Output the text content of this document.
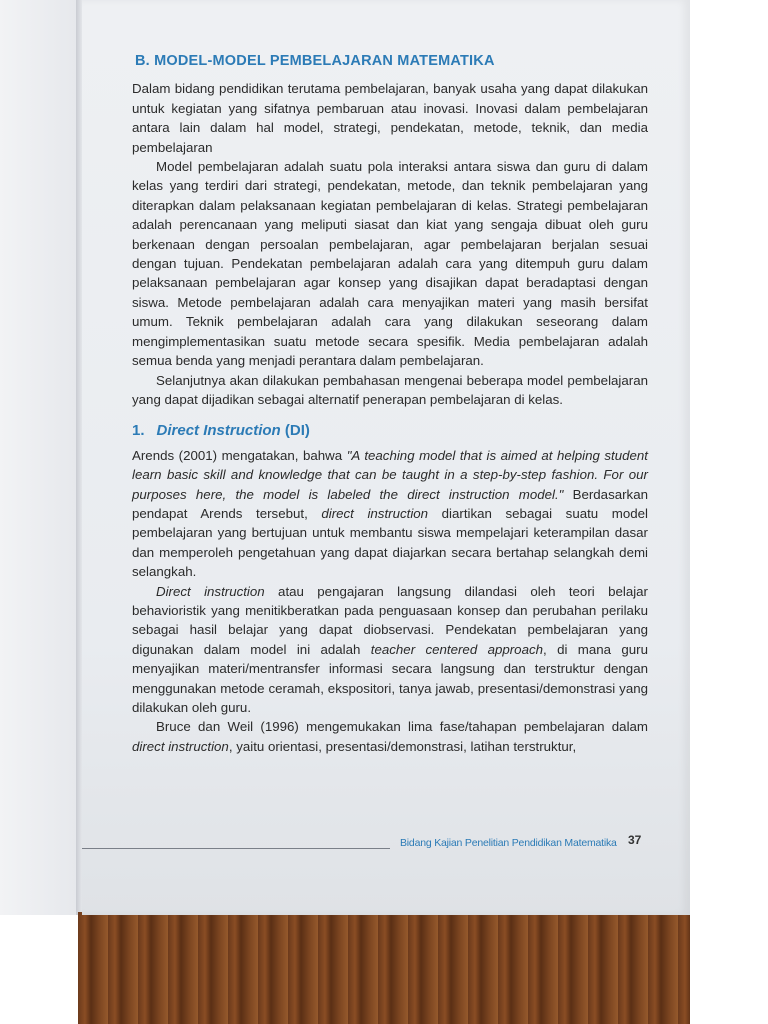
B. MODEL-MODEL PEMBELAJARAN MATEMATIKA

Dalam bidang pendidikan terutama pembelajaran, banyak usaha yang dapat dilakukan untuk kegiatan yang sifatnya pembaruan atau inovasi. Inovasi dalam pembelajaran antara lain dalam hal model, strategi, pendekatan, metode, teknik, dan media pembelajaran

Model pembelajaran adalah suatu pola interaksi antara siswa dan guru di dalam kelas yang terdiri dari strategi, pendekatan, metode, dan teknik pembelajaran yang diterapkan dalam pelaksanaan kegiatan pembelajaran di kelas. Strategi pembelajaran adalah perencanaan yang meliputi siasat dan kiat yang sengaja dibuat oleh guru berkenaan dengan persoalan pembelajaran, agar pembelajaran berjalan sesuai dengan tujuan. Pendekatan pembelajaran adalah cara yang ditempuh guru dalam pelaksanaan pembelajaran agar konsep yang disajikan dapat beradaptasi dengan siswa. Metode pembelajaran adalah cara menyajikan materi yang masih bersifat umum. Teknik pembelajaran adalah cara yang dilakukan seseorang dalam mengimplementasikan suatu metode secara spesifik. Media pembelajaran adalah semua benda yang menjadi perantara dalam pembelajaran.

Selanjutnya akan dilakukan pembahasan mengenai beberapa model pembelajaran yang dapat dijadikan sebagai alternatif penerapan pembelajaran di kelas.

1. Direct Instruction (DI)

Arends (2001) mengatakan, bahwa "A teaching model that is aimed at helping student learn basic skill and knowledge that can be taught in a step-by-step fashion. For our purposes here, the model is labeled the direct instruction model." Berdasarkan pendapat Arends tersebut, direct instruction diartikan sebagai suatu model pembelajaran yang bertujuan untuk membantu siswa mempelajari keterampilan dasar dan memperoleh pengetahuan yang dapat diajarkan secara bertahap selangkah demi selangkah.

Direct instruction atau pengajaran langsung dilandasi oleh teori belajar behavioristik yang menitikberatkan pada penguasaan konsep dan perubahan perilaku sebagai hasil belajar yang dapat diobservasi. Pendekatan pembelajaran yang digunakan dalam model ini adalah teacher centered approach, di mana guru menyajikan materi/mentransfer informasi secara langsung dan terstruktur dengan menggunakan metode ceramah, ekspositori, tanya jawab, presentasi/demonstrasi yang dilakukan oleh guru.

Bruce dan Weil (1996) mengemukakan lima fase/tahapan pembelajaran dalam direct instruction, yaitu orientasi, presentasi/demonstrasi, latihan terstruktur,

Bidang Kajian Penelitian Pendidikan Matematika 37
